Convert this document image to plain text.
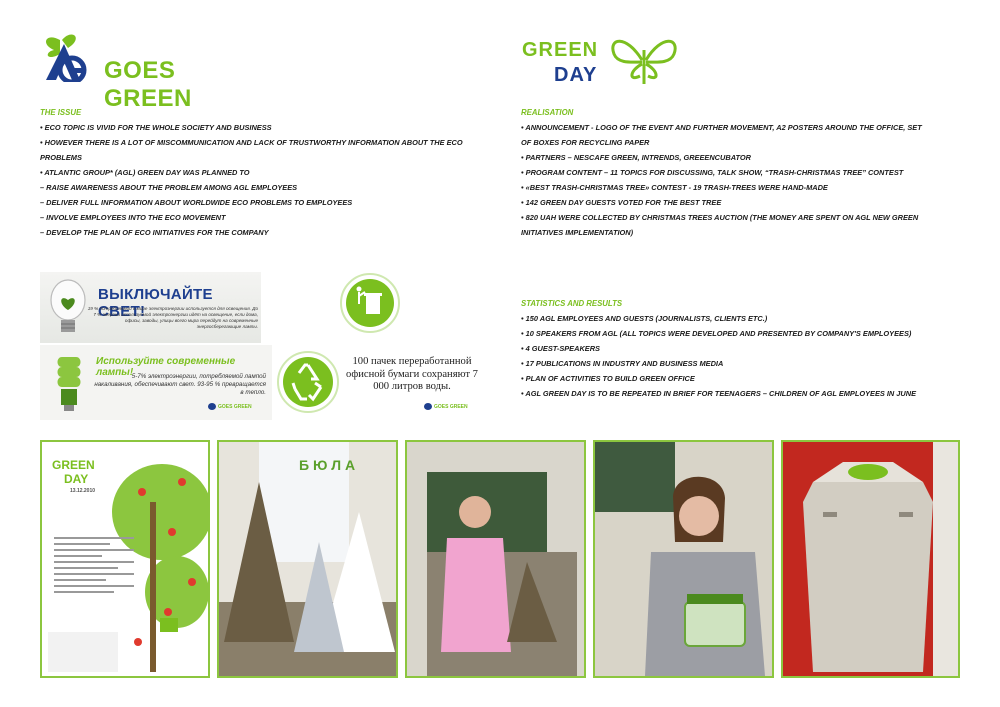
GOES GREEN
GREEN
DAY
THE ISSUE
• ECO TOPIC IS VIVID FOR THE WHOLE SOCIETY AND BUSINESS
• HOWEVER THERE IS A LOT OF MISCOMMUNICATION AND LACK OF TRUSTWORTHY INFORMATION ABOUT THE ECO PROBLEMS
• ATLANTIC GROUP* (AGL) GREEN DAY WAS PLANNED TO
– RAISE AWARENESS ABOUT THE PROBLEM AMONG AGL EMPLOYEES
– DELIVER FULL INFORMATION ABOUT WORLDWIDE ECO PROBLEMS TO EMPLOYEES
– INVOLVE EMPLOYEES INTO THE ECO MOVEMENT
– DEVELOP THE PLAN OF ECO INITIATIVES FOR THE COMPANY
REALISATION
• ANNOUNCEMENT - LOGO OF THE EVENT AND FURTHER MOVEMENT, A2 POSTERS AROUND THE OFFICE, SET OF BOXES FOR RECYCLING PAPER
• PARTNERS – NESCAFE GREEN, INTRENDS, GREEENCUBATOR
• PROGRAM CONTENT – 11 TOPICS FOR DISCUSSING, TALK SHOW, “TRASH-CHRISTMAS TREE” CONTEST
• «BEST TRASH-CHRISTMAS TREE» CONTEST - 19 TRASH-TREES WERE HAND-MADE
• 142 GREEN DAY GUESTS VOTED FOR THE BEST TREE
• 820 UAH WERE COLLECTED BY CHRISTMAS TREES AUCTION (THE MONEY ARE SPENT ON AGL NEW GREEN INITIATIVES IMPLEMENTATION)
STATISTICS AND RESULTS
• 150 AGL EMPLOYEES AND GUESTS (JOURNALISTS, CLIENTS ETC.)
• 10 SPEAKERS FROM AGL (ALL TOPICS WERE DEVELOPED AND PRESENTED BY COMPANY'S EMPLOYEES)
• 4 GUEST-SPEAKERS
• 17 PUBLICATIONS IN INDUSTRY AND BUSINESS MEDIA
• PLAN OF ACTIVITIES TO BUILD GREEN OFFICE
• AGL GREEN DAY IS TO BE REPEATED IN BRIEF FOR TEENAGERS – CHILDREN OF AGL EMPLOYEES IN JUNE
ВЫКЛЮЧАЙТЕ СВЕТ!
19 % потребляемой в мире электроэнергии используется для освещения. До 7 % энергии используемой электроэнергии идёт на освещение, если дома, офисы, заводы, улицы всего мира перейдут на современные энергосберегающие лампы.
Используйте современные лампы!
5-7% электроэнергии, потребляемой лампой накаливания, обеспечивают свет. 93-95 % превращается в тепло.
GOES GREEN
100 пачек переработанной офисной бумаги сохраняют 7 000 литров воды.
GOES GREEN
GREEN
DAY
13.12.2010
Б Ю Л А
